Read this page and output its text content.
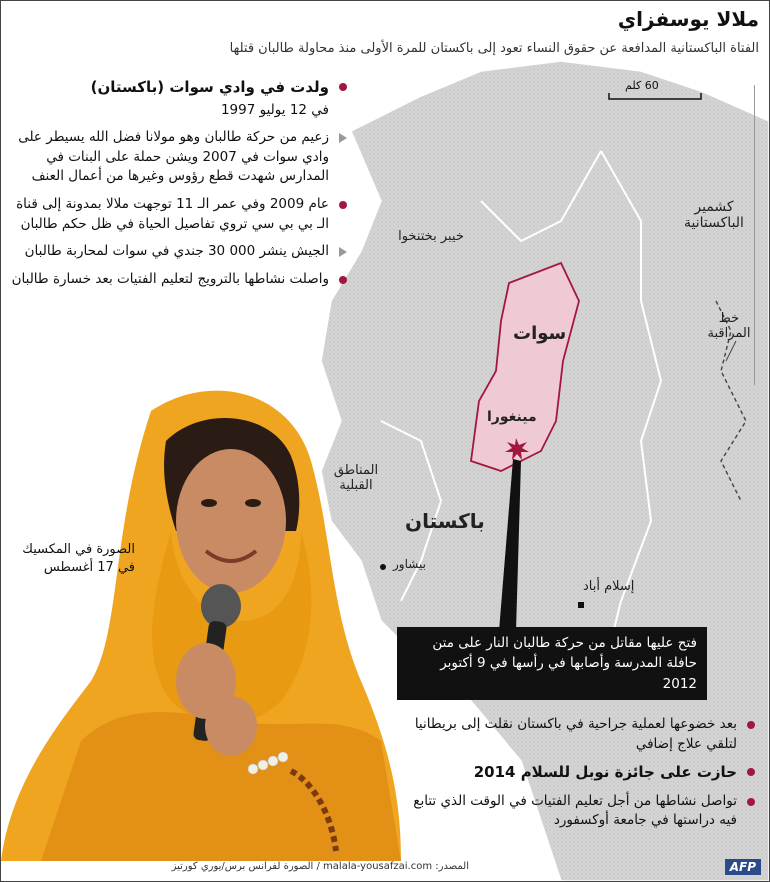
ملالا يوسفزاي
الفتاة الباكستانية المدافعة عن حقوق النساء تعود إلى باكستان للمرة الأولى منذ محاولة طالبان قتلها
60 كلم
كشمير الباكستانية
خط المراقبة
خيبر بختنخوا
سوات
مينغورا
المناطق القبلية
باكستان
بيشاور
إسلام أباد
ولدت في وادي سوات (باكستان)
في 12 يوليو 1997
زعيم من حركة طالبان وهو مولانا فضل الله يسيطر على وادي سوات في 2007 ويشن حملة على البنات في المدارس شهدت قطع رؤوس وغيرها من أعمال العنف
عام 2009 وفي عمر الـ 11 توجهت ملالا بمدونة إلى قناة الـ بي بي سي تروي تفاصيل الحياة في ظل حكم طالبان
الجيش ينشر 000 30 جندي في سوات لمحاربة طالبان
واصلت نشاطها بالترويج لتعليم الفتيات بعد خسارة طالبان
الصورة في المكسيك في 17 أغسطس
فتح عليها مقاتل من حركة طالبان النار على متن حافلة المدرسة وأصابها في رأسها في 9 أكتوبر 2012
بعد خضوعها لعملية جراحية في باكستان نقلت إلى بريطانيا لتلقي علاج إضافي
حازت على جائزة نوبل للسلام 2014
تواصل نشاطها من أجل تعليم الفتيات في الوقت الذي تتابع فيه دراستها في جامعة أوكسفورد
AFP
المصدر: malala-yousafzai.com / الصورة لفرانس برس/يوري كورتيز
